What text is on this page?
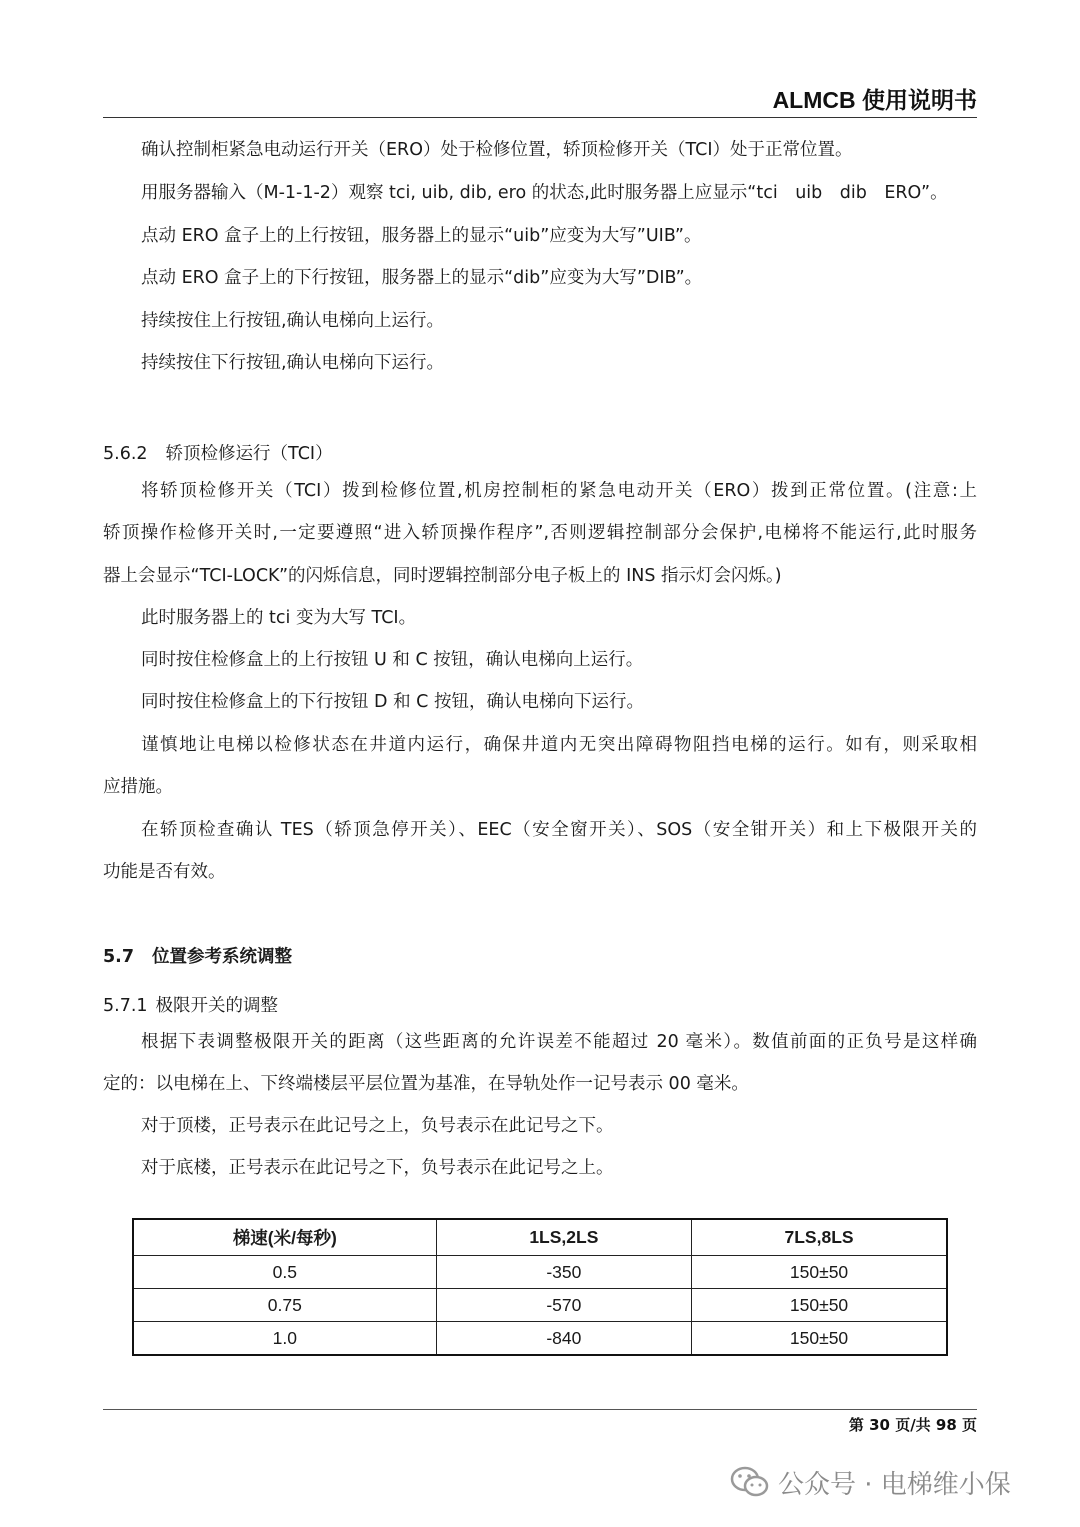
ALMCB 使用说明书
确认控制柜紧急电动运行开关（ERO）处于检修位置，轿顶检修开关（TCI）处于正常位置。
用服务器输入（M-1-1-2）观察 tci, uib, dib, ero 的状态,此时服务器上应显示“tci　uib　dib　ERO”。
点动 ERO 盒子上的上行按钮，服务器上的显示“uib”应变为大写”UIB”。
点动 ERO 盒子上的下行按钮，服务器上的显示“dib”应变为大写”DIB”。
持续按住上行按钮,确认电梯向上运行。
持续按住下行按钮,确认电梯向下运行。
5.6.2 轿顶检修运行（TCI）
将轿顶检修开关（TCI）拨到检修位置,机房控制柜的紧急电动开关（ERO）拨到正常位置。(注意:上
轿顶操作检修开关时,一定要遵照“进入轿顶操作程序”,否则逻辑控制部分会保护,电梯将不能运行,此时服务
器上会显示“TCI-LOCK”的闪烁信息，同时逻辑控制部分电子板上的 INS 指示灯会闪烁。)
此时服务器上的 tci 变为大写 TCI。
同时按住检修盒上的上行按钮 U 和 C 按钮，确认电梯向上运行。
同时按住检修盒上的下行按钮 D 和 C 按钮，确认电梯向下运行。
谨慎地让电梯以检修状态在井道内运行，确保井道内无突出障碍物阻挡电梯的运行。如有，则采取相
应措施。
在轿顶检查确认 TES（轿顶急停开关）、EEC（安全窗开关）、SOS（安全钳开关）和上下极限开关的
功能是否有效。
5.7 位置参考系统调整
5.7.1 极限开关的调整
根据下表调整极限开关的距离（这些距离的允许误差不能超过 20 毫米）。数值前面的正负号是这样确
定的：以电梯在上、下终端楼层平层位置为基准，在导轨处作一记号表示 00 毫米。
对于顶楼，正号表示在此记号之上，负号表示在此记号之下。
对于底楼，正号表示在此记号之下，负号表示在此记号之上。
梯速(米/每秒)	1LS,2LS	7LS,8LS
0.5	-350	150±50
0.75	-570	150±50
1.0	-840	150±50
第 30 页/共 98 页
公众号 · 电梯维小保
